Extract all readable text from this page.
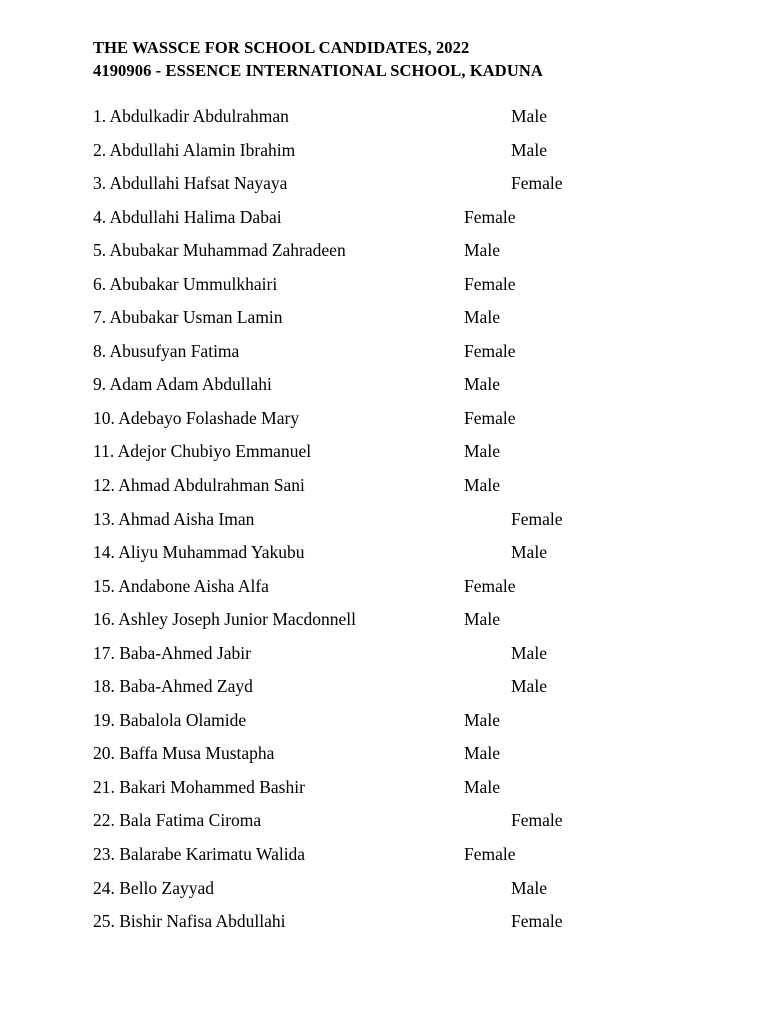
THE WASSCE FOR SCHOOL CANDIDATES, 2022
4190906 - ESSENCE INTERNATIONAL SCHOOL, KADUNA
1. Abdulkadir Abdulrahman	Male
2. Abdullahi Alamin Ibrahim	Male
3. Abdullahi Hafsat Nayaya	Female
4. Abdullahi Halima Dabai	Female
5. Abubakar Muhammad Zahradeen	Male
6. Abubakar Ummulkhairi	Female
7. Abubakar Usman Lamin	Male
8. Abusufyan Fatima	Female
9. Adam Adam Abdullahi	Male
10. Adebayo Folashade Mary	Female
11. Adejor Chubiyo Emmanuel	Male
12. Ahmad Abdulrahman Sani	Male
13. Ahmad Aisha Iman	Female
14. Aliyu Muhammad Yakubu	Male
15. Andabone Aisha Alfa	Female
16. Ashley Joseph Junior Macdonnell	Male
17. Baba-Ahmed Jabir	Male
18. Baba-Ahmed Zayd	Male
19. Babalola Olamide	Male
20. Baffa Musa Mustapha	Male
21. Bakari Mohammed Bashir	Male
22. Bala Fatima Ciroma	Female
23. Balarabe Karimatu Walida	Female
24. Bello Zayyad	Male
25. Bishir Nafisa Abdullahi	Female
